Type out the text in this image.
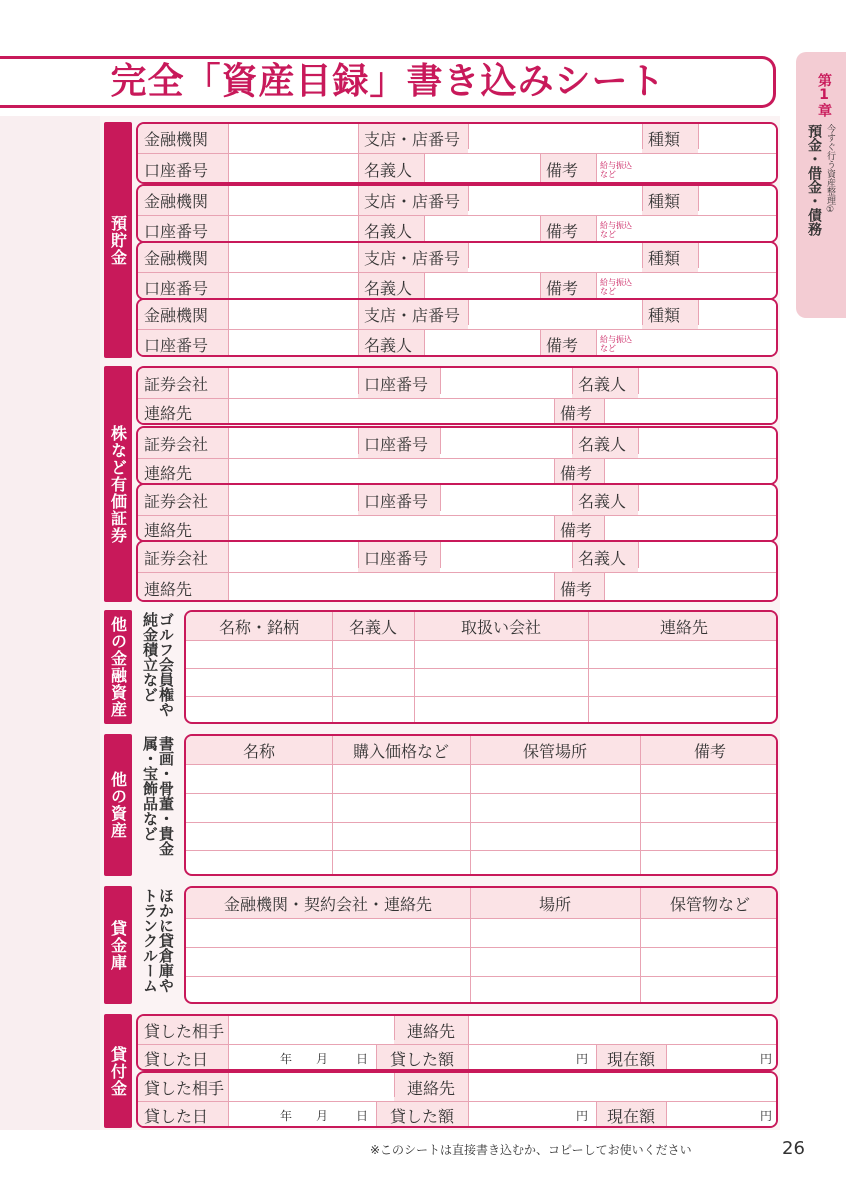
完全「資産目録」書き込みシート	第1章
今すぐ行う資産整理①
預金・借金・債務
預貯金
金融機関	支店・店番号	種類
口座番号	名義人	備考	給与振込など
金融機関	支店・店番号	種類
口座番号	名義人	備考	給与振込など
金融機関	支店・店番号	種類
口座番号	名義人	備考	給与振込など
金融機関	支店・店番号	種類
口座番号	名義人	備考	給与振込など
株など有価証券
証券会社	口座番号	名義人
連絡先	備考
証券会社	口座番号	名義人
連絡先	備考
証券会社	口座番号	名義人
連絡先	備考
証券会社	口座番号	名義人
連絡先	備考
他の金融資産	ゴルフ会員権や純金積立など	名称・銘柄	名義人	取扱い会社	連絡先
他の資産	書画・骨董・貴金属・宝飾品など	名称	購入価格など	保管場所	備考
貸金庫	ほかに貸倉庫やトランクルーム	金融機関・契約会社・連絡先	場所	保管物など
貸付金
貸した相手	連絡先
貸した日	年	月	日	貸した額	円	現在額	円
貸した相手	連絡先
貸した日	年	月	日	貸した額	円	現在額	円
※このシートは直接書き込むか、コピーしてお使いください	26
